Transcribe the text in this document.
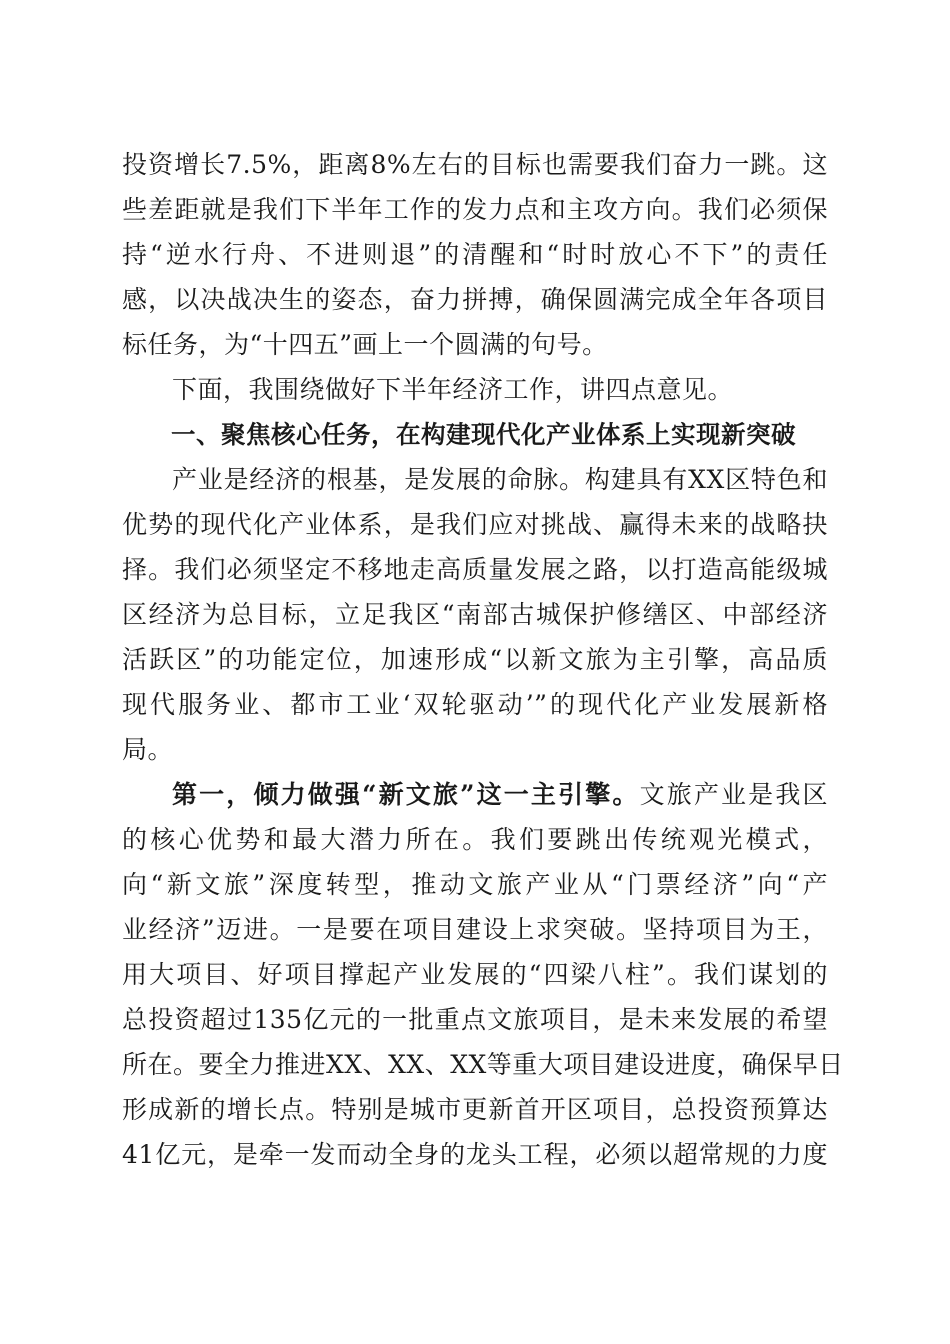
投资增长7.5%，距离8%左右的目标也需要我们奋力一跳。这
些差距就是我们下半年工作的发力点和主攻方向。我们必须保
持“逆水行舟、不进则退”的清醒和“时时放心不下”的责任
感，以决战决生的姿态，奋力拼搏，确保圆满完成全年各项目
标任务，为“十四五”画上一个圆满的句号。

下面，我围绕做好下半年经济工作，讲四点意见。

一、聚焦核心任务，在构建现代化产业体系上实现新突破

产业是经济的根基，是发展的命脉。构建具有XX区特色和
优势的现代化产业体系，是我们应对挑战、赢得未来的战略抉
择。我们必须坚定不移地走高质量发展之路，以打造高能级城
区经济为总目标，立足我区“南部古城保护修缮区、中部经济
活跃区”的功能定位，加速形成“以新文旅为主引擎，高品质
现代服务业、都市工业‘双轮驱动’”的现代化产业发展新格
局。

第一，倾力做强“新文旅”这一主引擎。文旅产业是我区
的核心优势和最大潜力所在。我们要跳出传统观光模式，
向“新文旅”深度转型，推动文旅产业从“门票经济”向“产
业经济”迈进。一是要在项目建设上求突破。坚持项目为王，
用大项目、好项目撑起产业发展的“四梁八柱”。我们谋划的
总投资超过135亿元的一批重点文旅项目，是未来发展的希望
所在。要全力推进XX、XX、XX等重大项目建设进度，确保早日
形成新的增长点。特别是城市更新首开区项目，总投资预算达
41亿元，是牵一发而动全身的龙头工程，必须以超常规的力度
